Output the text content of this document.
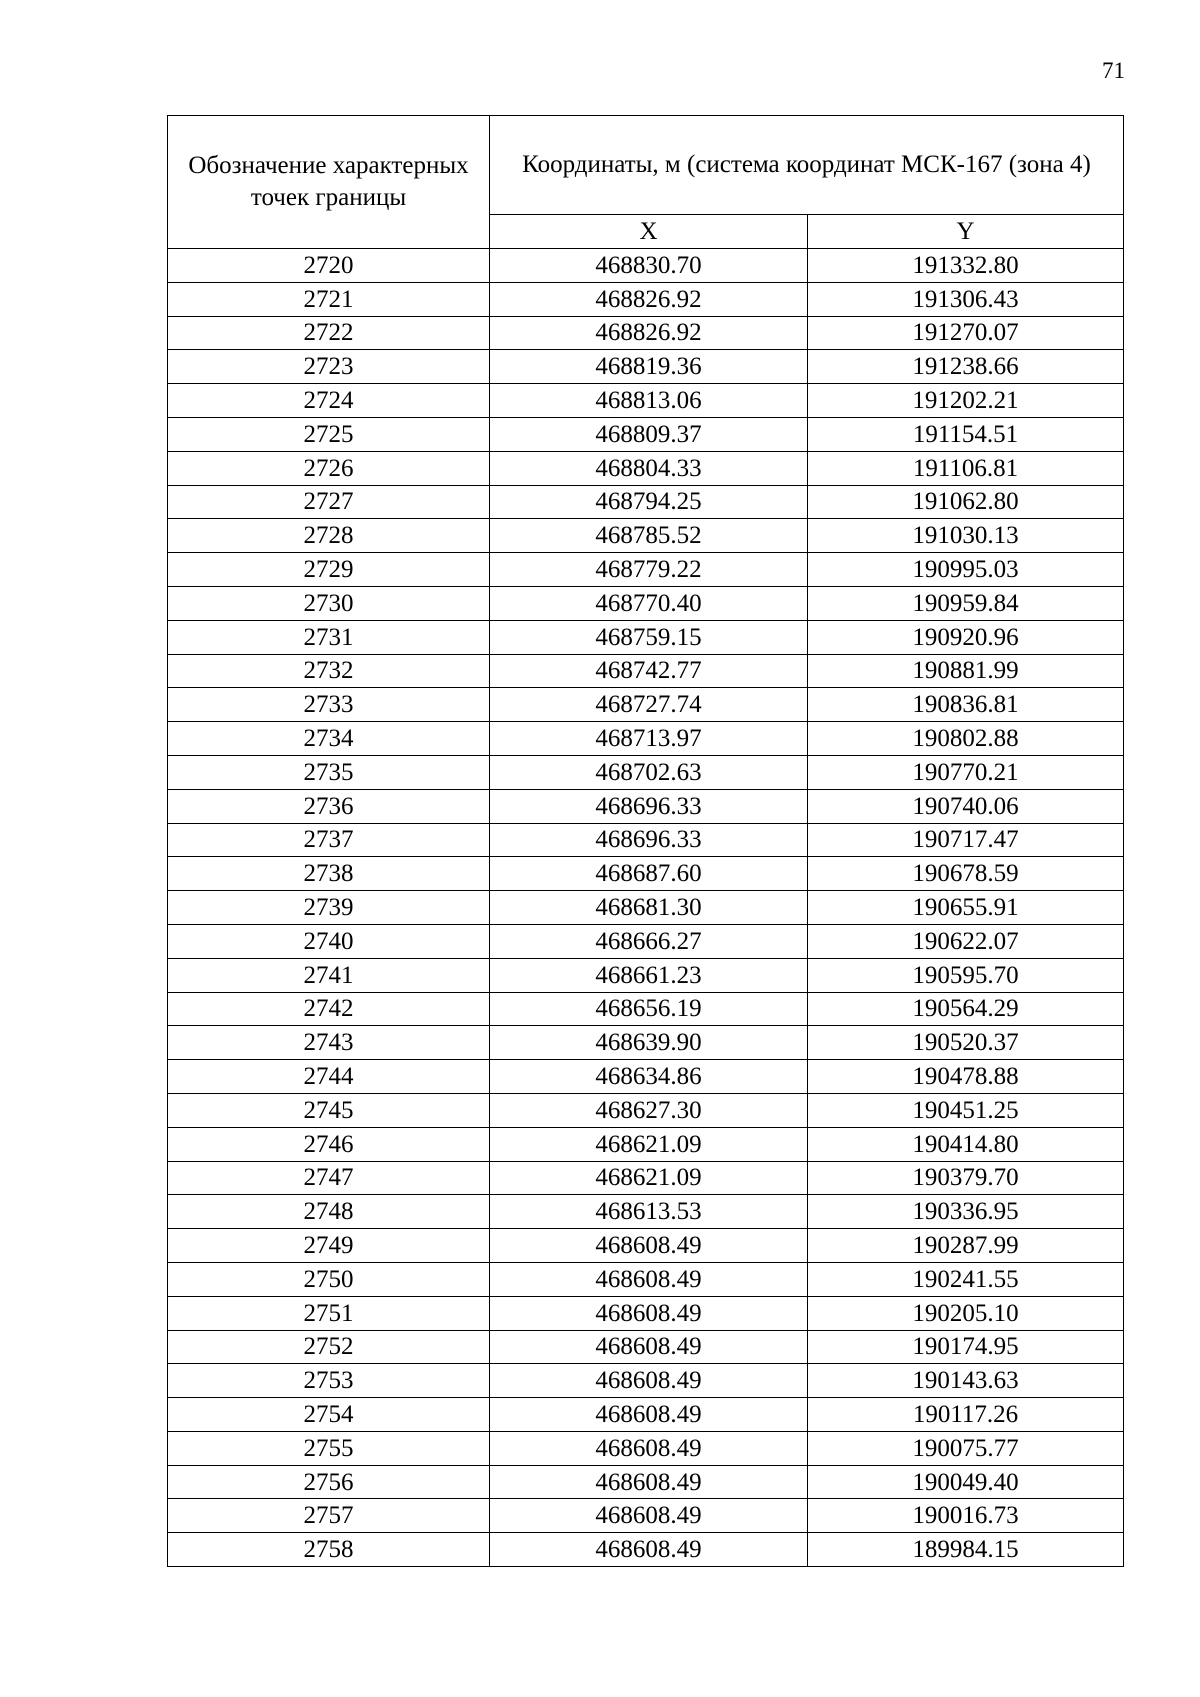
71
Обозначение характерных точек границы	Координаты, м (система координат МСК-167 (зона 4)	
	X	Y
2720	468830.70	191332.80
2721	468826.92	191306.43
2722	468826.92	191270.07
2723	468819.36	191238.66
2724	468813.06	191202.21
2725	468809.37	191154.51
2726	468804.33	191106.81
2727	468794.25	191062.80
2728	468785.52	191030.13
2729	468779.22	190995.03
2730	468770.40	190959.84
2731	468759.15	190920.96
2732	468742.77	190881.99
2733	468727.74	190836.81
2734	468713.97	190802.88
2735	468702.63	190770.21
2736	468696.33	190740.06
2737	468696.33	190717.47
2738	468687.60	190678.59
2739	468681.30	190655.91
2740	468666.27	190622.07
2741	468661.23	190595.70
2742	468656.19	190564.29
2743	468639.90	190520.37
2744	468634.86	190478.88
2745	468627.30	190451.25
2746	468621.09	190414.80
2747	468621.09	190379.70
2748	468613.53	190336.95
2749	468608.49	190287.99
2750	468608.49	190241.55
2751	468608.49	190205.10
2752	468608.49	190174.95
2753	468608.49	190143.63
2754	468608.49	190117.26
2755	468608.49	190075.77
2756	468608.49	190049.40
2757	468608.49	190016.73
2758	468608.49	189984.15
